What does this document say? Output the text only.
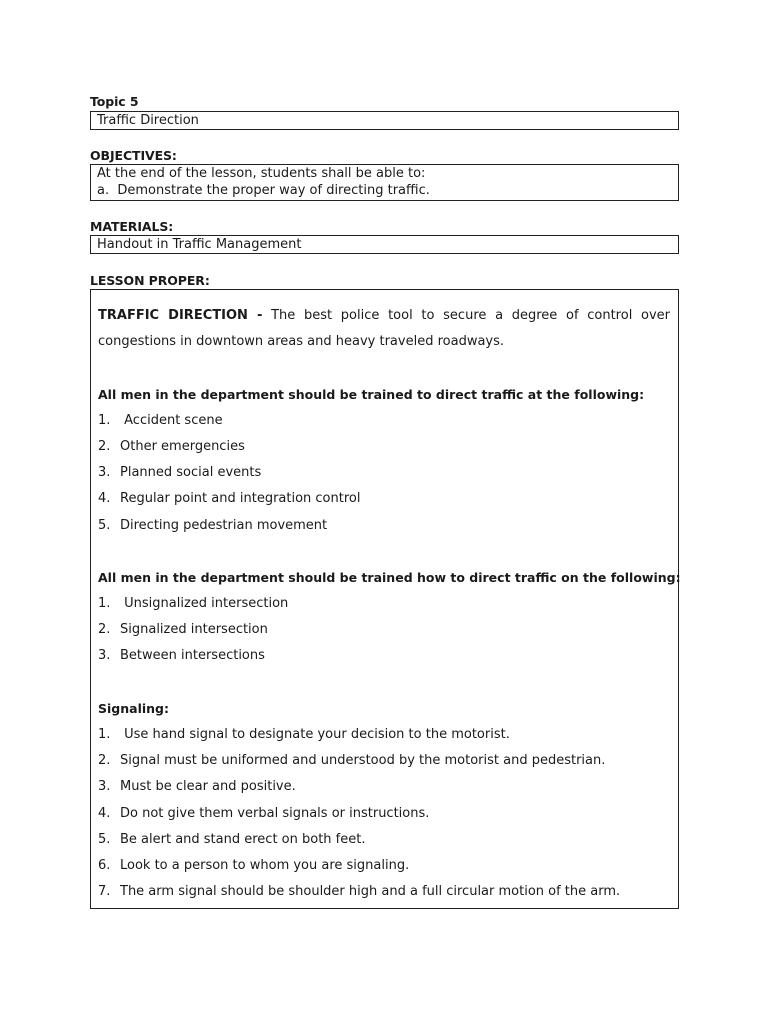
Topic 5
Traffic Direction
OBJECTIVES:
At the end of the lesson, students shall be able to:
a. Demonstrate the proper way of directing traffic.
MATERIALS:
Handout in Traffic Management
LESSON PROPER:
TRAFFIC DIRECTION - The best police tool to secure a degree of control over
congestions in downtown areas and heavy traveled roadways.
All men in the department should be trained to direct traffic at the following:
1. Accident scene
2. Other emergencies
3. Planned social events
4. Regular point and integration control
5. Directing pedestrian movement
All men in the department should be trained how to direct traffic on the following:
1. Unsignalized intersection
2. Signalized intersection
3. Between intersections
Signaling:
1. Use hand signal to designate your decision to the motorist.
2. Signal must be uniformed and understood by the motorist and pedestrian.
3. Must be clear and positive.
4. Do not give them verbal signals or instructions.
5. Be alert and stand erect on both feet.
6. Look to a person to whom you are signaling.
7. The arm signal should be shoulder high and a full circular motion of the arm.
